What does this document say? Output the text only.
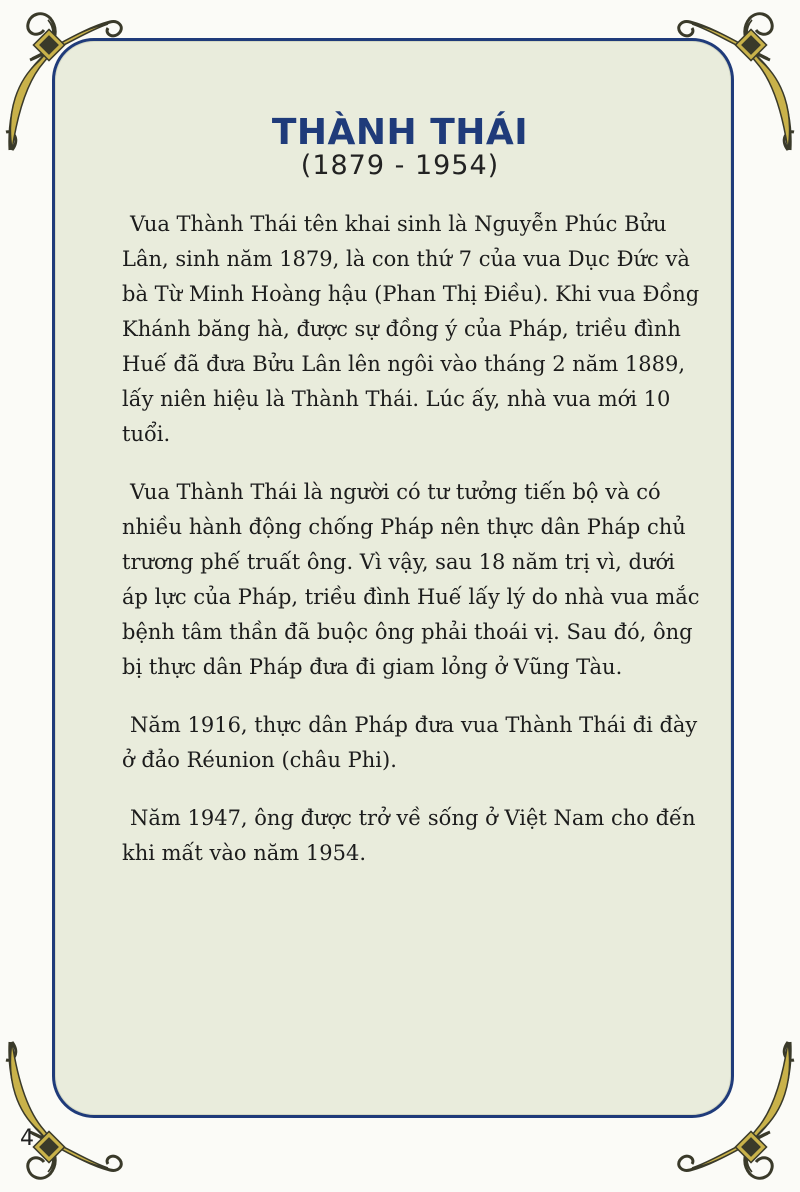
THÀNH THÁI
(1879 - 1954)

Vua Thành Thái tên khai sinh là Nguyễn Phúc Bửu Lân, sinh năm 1879, là con thứ 7 của vua Dục Đức và bà Từ Minh Hoàng hậu (Phan Thị Điều). Khi vua Đồng Khánh băng hà, được sự đồng ý của Pháp, triều đình Huế đã đưa Bửu Lân lên ngôi vào tháng 2 năm 1889, lấy niên hiệu là Thành Thái. Lúc ấy, nhà vua mới 10 tuổi.

Vua Thành Thái là người có tư tưởng tiến bộ và có nhiều hành động chống Pháp nên thực dân Pháp chủ trương phế truất ông. Vì vậy, sau 18 năm trị vì, dưới áp lực của Pháp, triều đình Huế lấy lý do nhà vua mắc bệnh tâm thần đã buộc ông phải thoái vị. Sau đó, ông bị thực dân Pháp đưa đi giam lỏng ở Vũng Tàu.

Năm 1916, thực dân Pháp đưa vua Thành Thái đi đày ở đảo Réunion (châu Phi).

Năm 1947, ông được trở về sống ở Việt Nam cho đến khi mất vào năm 1954.

4
